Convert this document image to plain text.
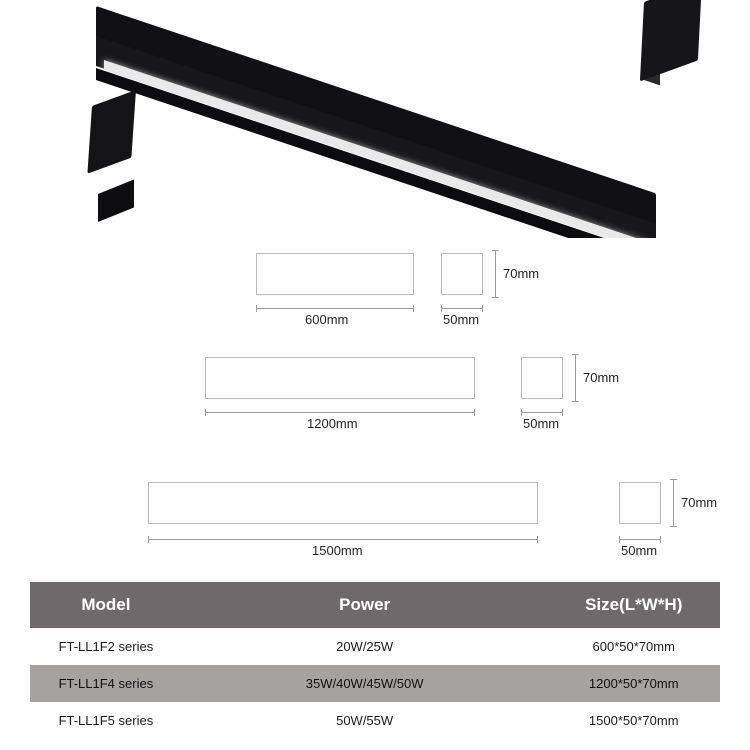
600mm	50mm
70mm
1200mm	50mm
70mm
1500mm	50mm
70mm
Model	Power	Size(L*W*H)
FT-LL1F2 series	20W/25W	600*50*70mm
FT-LL1F4 series	35W/40W/45W/50W	1200*50*70mm
FT-LL1F5 series	50W/55W	1500*50*70mm
